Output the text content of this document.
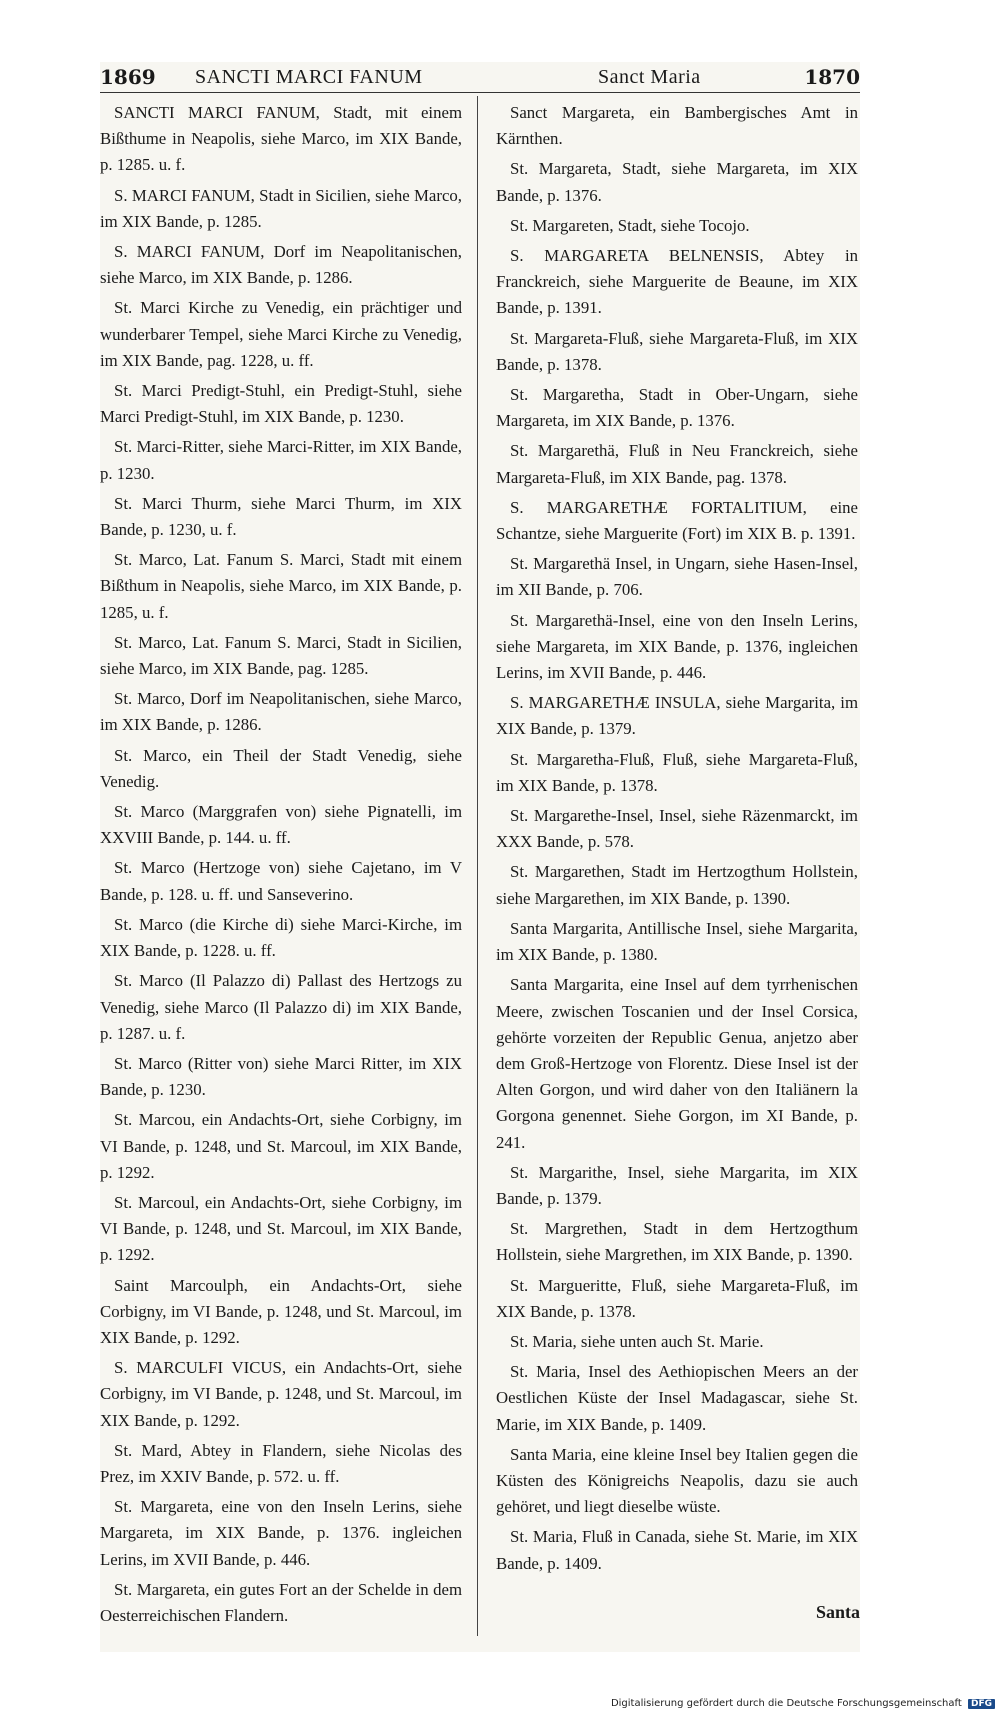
1869 SANCTI MARCI FANUM	Sanct Maria	1870

SANCTI MARCI FANUM, Stadt, mit einem Bißthume in Neapolis, siehe Marco, im XIX Bande, p. 1285. u. f.

S. MARCI FANUM, Stadt in Sicilien, siehe Marco, im XIX Bande, p. 1285.

S. MARCI FANUM, Dorf im Neapolitanischen, siehe Marco, im XIX Bande, p. 1286.

St. Marci Kirche zu Venedig, ein prächtiger und wunderbarer Tempel, siehe Marci Kirche zu Venedig, im XIX Bande, pag. 1228, u. ff.

St. Marci Predigt-Stuhl, ein Predigt-Stuhl, siehe Marci Predigt-Stuhl, im XIX Bande, p. 1230.

St. Marci-Ritter, siehe Marci-Ritter, im XIX Bande, p. 1230.

St. Marci Thurm, siehe Marci Thurm, im XIX Bande, p. 1230, u. f.

St. Marco, Lat. Fanum S. Marci, Stadt mit einem Bißthum in Neapolis, siehe Marco, im XIX Bande, p. 1285, u. f.

St. Marco, Lat. Fanum S. Marci, Stadt in Sicilien, siehe Marco, im XIX Bande, pag. 1285.

St. Marco, Dorf im Neapolitanischen, siehe Marco, im XIX Bande, p. 1286.

St. Marco, ein Theil der Stadt Venedig, siehe Venedig.

St. Marco (Marggrafen von) siehe Pignatelli, im XXVIII Bande, p. 144. u. ff.

St. Marco (Hertzoge von) siehe Cajetano, im V Bande, p. 128. u. ff. und Sanseverino.

St. Marco (die Kirche di) siehe Marci-Kirche, im XIX Bande, p. 1228. u. ff.

St. Marco (Il Palazzo di) Pallast des Hertzogs zu Venedig, siehe Marco (Il Palazzo di) im XIX Bande, p. 1287. u. f.

St. Marco (Ritter von) siehe Marci Ritter, im XIX Bande, p. 1230.

St. Marcou, ein Andachts-Ort, siehe Corbigny, im VI Bande, p. 1248, und St. Marcoul, im XIX Bande, p. 1292.

St. Marcoul, ein Andachts-Ort, siehe Corbigny, im VI Bande, p. 1248, und St. Marcoul, im XIX Bande, p. 1292.

Saint Marcoulph, ein Andachts-Ort, siehe Corbigny, im VI Bande, p. 1248, und St. Marcoul, im XIX Bande, p. 1292.

S. MARCULFI VICUS, ein Andachts-Ort, siehe Corbigny, im VI Bande, p. 1248, und St. Marcoul, im XIX Bande, p. 1292.

St. Mard, Abtey in Flandern, siehe Nicolas des Prez, im XXIV Bande, p. 572. u. ff.

St. Margareta, eine von den Inseln Lerins, siehe Margareta, im XIX Bande, p. 1376. ingleichen Lerins, im XVII Bande, p. 446.

St. Margareta, ein gutes Fort an der Schelde in dem Oesterreichischen Flandern.

Sanct Margareta, ein Bambergisches Amt in Kärnthen.

St. Margareta, Stadt, siehe Margareta, im XIX Bande, p. 1376.

St. Margareten, Stadt, siehe Tocojo.

S. MARGARETA BELNENSIS, Abtey in Franckreich, siehe Marguerite de Beaune, im XIX Bande, p. 1391.

St. Margareta-Fluß, siehe Margareta-Fluß, im XIX Bande, p. 1378.

St. Margaretha, Stadt in Ober-Ungarn, siehe Margareta, im XIX Bande, p. 1376.

St. Margarethä, Fluß in Neu Franckreich, siehe Margareta-Fluß, im XIX Bande, pag. 1378.

S. MARGARETHÆ FORTALITIUM, eine Schantze, siehe Marguerite (Fort) im XIX B. p. 1391.

St. Margarethä Insel, in Ungarn, siehe Hasen-Insel, im XII Bande, p. 706.

St. Margarethä-Insel, eine von den Inseln Lerins, siehe Margareta, im XIX Bande, p. 1376, ingleichen Lerins, im XVII Bande, p. 446.

S. MARGARETHÆ INSULA, siehe Margarita, im XIX Bande, p. 1379.

St. Margaretha-Fluß, Fluß, siehe Margareta-Fluß, im XIX Bande, p. 1378.

St. Margarethe-Insel, Insel, siehe Räzenmarckt, im XXX Bande, p. 578.

St. Margarethen, Stadt im Hertzogthum Hollstein, siehe Margarethen, im XIX Bande, p. 1390.

Santa Margarita, Antillische Insel, siehe Margarita, im XIX Bande, p. 1380.

Santa Margarita, eine Insel auf dem tyrrhenischen Meere, zwischen Toscanien und der Insel Corsica, gehörte vorzeiten der Republic Genua, anjetzo aber dem Groß-Hertzoge von Florentz. Diese Insel ist der Alten Gorgon, und wird daher von den Italiänern la Gorgona genennet. Siehe Gorgon, im XI Bande, p. 241.

St. Margarithe, Insel, siehe Margarita, im XIX Bande, p. 1379.

St. Margrethen, Stadt in dem Hertzogthum Hollstein, siehe Margrethen, im XIX Bande, p. 1390.

St. Margueritte, Fluß, siehe Margareta-Fluß, im XIX Bande, p. 1378.

St. Maria, siehe unten auch St. Marie.

St. Maria, Insel des Aethiopischen Meers an der Oestlichen Küste der Insel Madagascar, siehe St. Marie, im XIX Bande, p. 1409.

Santa Maria, eine kleine Insel bey Italien gegen die Küsten des Königreichs Neapolis, dazu sie auch gehöret, und liegt dieselbe wüste.

St. Maria, Fluß in Canada, siehe St. Marie, im XIX Bande, p. 1409.

Santa
Digitalisierung gefördert durch die Deutsche Forschungsgemeinschaft DFG
